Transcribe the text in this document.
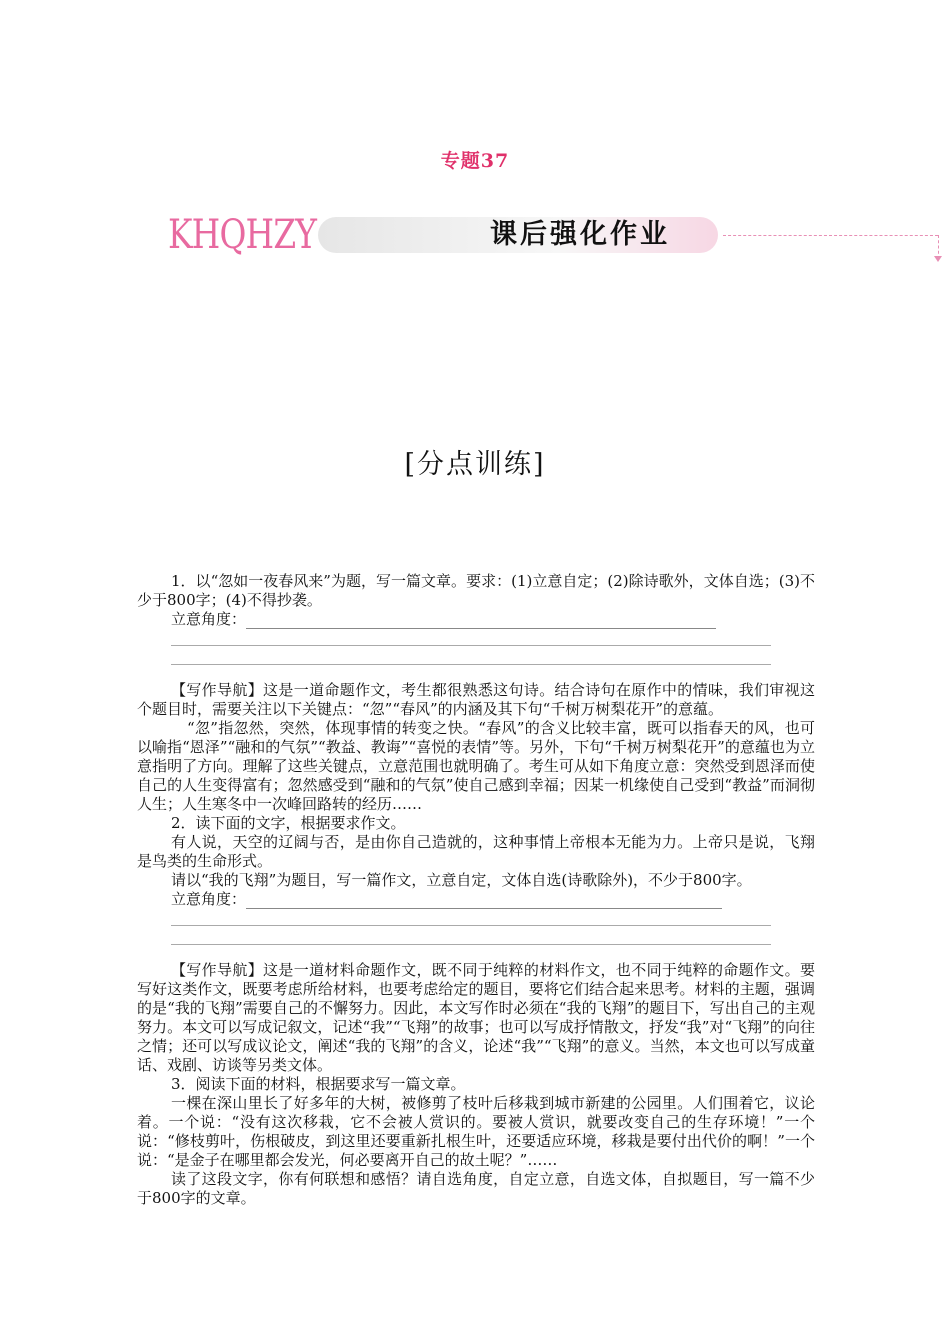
专题37
KHQHZY	课后强化作业
[分点训练]

1．以“忽如一夜春风来”为题，写一篇文章。要求：(1)立意自定；(2)除诗歌外，文体自选；(3)不少于800字；(4)不得抄袭。

立意角度：

【写作导航】这是一道命题作文，考生都很熟悉这句诗。结合诗句在原作中的情味，我们审视这个题目时，需要关注以下关键点：“忽”“春风”的内涵及其下句“千树万树梨花开”的意蕴。

“忽”指忽然，突然，体现事情的转变之快。“春风”的含义比较丰富，既可以指春天的风，也可以喻指“恩泽”“融和的气氛”“教益、教诲”“喜悦的表情”等。另外，下句“千树万树梨花开”的意蕴也为立意指明了方向。理解了这些关键点，立意范围也就明确了。考生可从如下角度立意：突然受到恩泽而使自己的人生变得富有；忽然感受到“融和的气氛”使自己感到幸福；因某一机缘使自己受到“教益”而洞彻人生；人生寒冬中一次峰回路转的经历……

2．读下面的文字，根据要求作文。

有人说，天空的辽阔与否，是由你自己造就的，这种事情上帝根本无能为力。上帝只是说，飞翔是鸟类的生命形式。

请以“我的飞翔”为题目，写一篇作文，立意自定，文体自选(诗歌除外)，不少于800字。

立意角度：

【写作导航】这是一道材料命题作文，既不同于纯粹的材料作文，也不同于纯粹的命题作文。要写好这类作文，既要考虑所给材料，也要考虑给定的题目，要将它们结合起来思考。材料的主题，强调的是“我的飞翔”需要自己的不懈努力。因此，本文写作时必须在“我的飞翔”的题目下，写出自己的主观努力。本文可以写成记叙文，记述“我”“飞翔”的故事；也可以写成抒情散文，抒发“我”对“飞翔”的向往之情；还可以写成议论文，阐述“我的飞翔”的含义，论述“我”“飞翔”的意义。当然，本文也可以写成童话、戏剧、访谈等另类文体。

3．阅读下面的材料，根据要求写一篇文章。

一棵在深山里长了好多年的大树，被修剪了枝叶后移栽到城市新建的公园里。人们围着它，议论着。一个说：“没有这次移栽，它不会被人赏识的。要被人赏识，就要改变自己的生存环境！”一个说：“修枝剪叶，伤根破皮，到这里还要重新扎根生叶，还要适应环境，移栽是要付出代价的啊！”一个说：“是金子在哪里都会发光，何必要离开自己的故土呢？”……

读了这段文字，你有何联想和感悟？请自选角度，自定立意，自选文体，自拟题目，写一篇不少于800字的文章。
